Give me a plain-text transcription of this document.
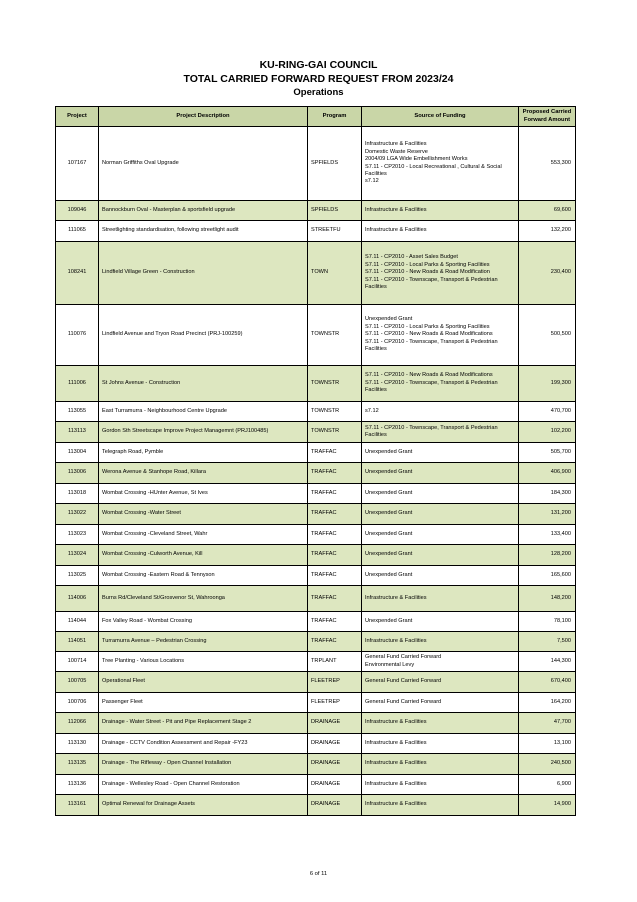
KU-RING-GAI COUNCIL
TOTAL CARRIED FORWARD REQUEST FROM 2023/24
Operations
Project	Project Description	Program	Source of Funding	Proposed Carried
Forward Amount

107167	Norman Griffiths Oval Upgrade	SPFIELDS	Infrastructure & Facilities
Domestic Waste Reserve
2004/09 LGA Wide Embellishment Works
S7.11 - CP2010 - Local Recreational , Cultural & Social Facilities
s7.12	553,300
109046	Bannockburn Oval - Masterplan & sportsfield upgrade	SPFIELDS	Infrastructure & Facilities	69,600
111065	Streetlighting standardisation, following streetlight audit	STREETFU	Infrastructure & Facilities	132,200
108241	Lindfield Village Green - Construction	TOWN	S7.11 - CP2010 - Asset Sales Budget
S7.11 - CP2010 - Local Parks & Sporting Facilities
S7.11 - CP2010 - New Roads & Road Modification
S7.11 - CP2010 - Townscape, Transport & Pedestrian Facilities	230,400
110076	Lindfield Avenue and Tryon Road Precinct (PRJ-100259)	TOWNSTR	Unexpended Grant
S7.11 - CP2010 - Local Parks & Sporting Facilities
S7.11 - CP2010 - New Roads & Road Modifications
S7.11 - CP2010 - Townscape, Transport & Pedestrian Facilities	500,500
111006	St Johns Avenue - Construction	TOWNSTR	S7.11 - CP2010 - New Roads & Road Modifications
S7.11 - CP2010 - Townscape, Transport & Pedestrian Facilities	199,300
113055	East Turramurra - Neighbourhood Centre Upgrade	TOWNSTR	s7.12	470,700
113113	Gordon Sth Streetscape Improve Project Managemnt (PRJ100485)	TOWNSTR	S7.11 - CP2010 - Townscape, Transport & Pedestrian Facilities	102,200
113004	Telegraph Road, Pymble	TRAFFAC	Unexpended Grant	505,700
113006	Werona Avenue & Stanhope Road, Killara	TRAFFAC	Unexpended Grant	406,900
113018	Wombat Crossing -HUnter Avenue, St Ives	TRAFFAC	Unexpended Grant	184,300
113022	Wombat Crossing -Water Street	TRAFFAC	Unexpended Grant	131,200
113023	Wombat Crossing -Cleveland Street, Wahr	TRAFFAC	Unexpended Grant	133,400
113024	Wombat Crossing -Culworth Avenue, Kill	TRAFFAC	Unexpended Grant	128,200
113025	Wombat Crossing -Eastern Road & Tennyson	TRAFFAC	Unexpended Grant	165,600
114006	Burns Rd/Cleveland St/Grosvenor St, Wahroonga	TRAFFAC	Infrastructure & Facilities	148,200
114044	Fox Valley Road - Wombat Crossing	TRAFFAC	Unexpended Grant	78,100
114051	Turramurra Avenue – Pedestrian Crossing	TRAFFAC	Infrastructure & Facilities	7,500
100714	Tree Planting - Various Locations	TRPLANT	General Fund Carried Forward
Environmental Levy	144,300
100705	Operational Fleet	FLEETREP	General Fund Carried Forward	670,400
100706	Passenger Fleet	FLEETREP	General Fund Carried Forward	164,200
112066	Drainage - Water Street - Pit and Pipe Replacement Stage 2	DRAINAGE	Infrastructure & Facilities	47,700
113130	Drainage - CCTV Condition Assessment and Repair -FY23	DRAINAGE	Infrastructure & Facilities	13,100
113135	Drainage - The Rifleway - Open Channel Installation	DRAINAGE	Infrastructure & Facilities	240,500
113136	Drainage - Wellesley Road - Open Channel Restoration	DRAINAGE	Infrastructure & Facilities	6,900
113161	Optimal Renewal for Drainage Assets	DRAINAGE	Infrastructure & Facilities	14,900
6 of 11
